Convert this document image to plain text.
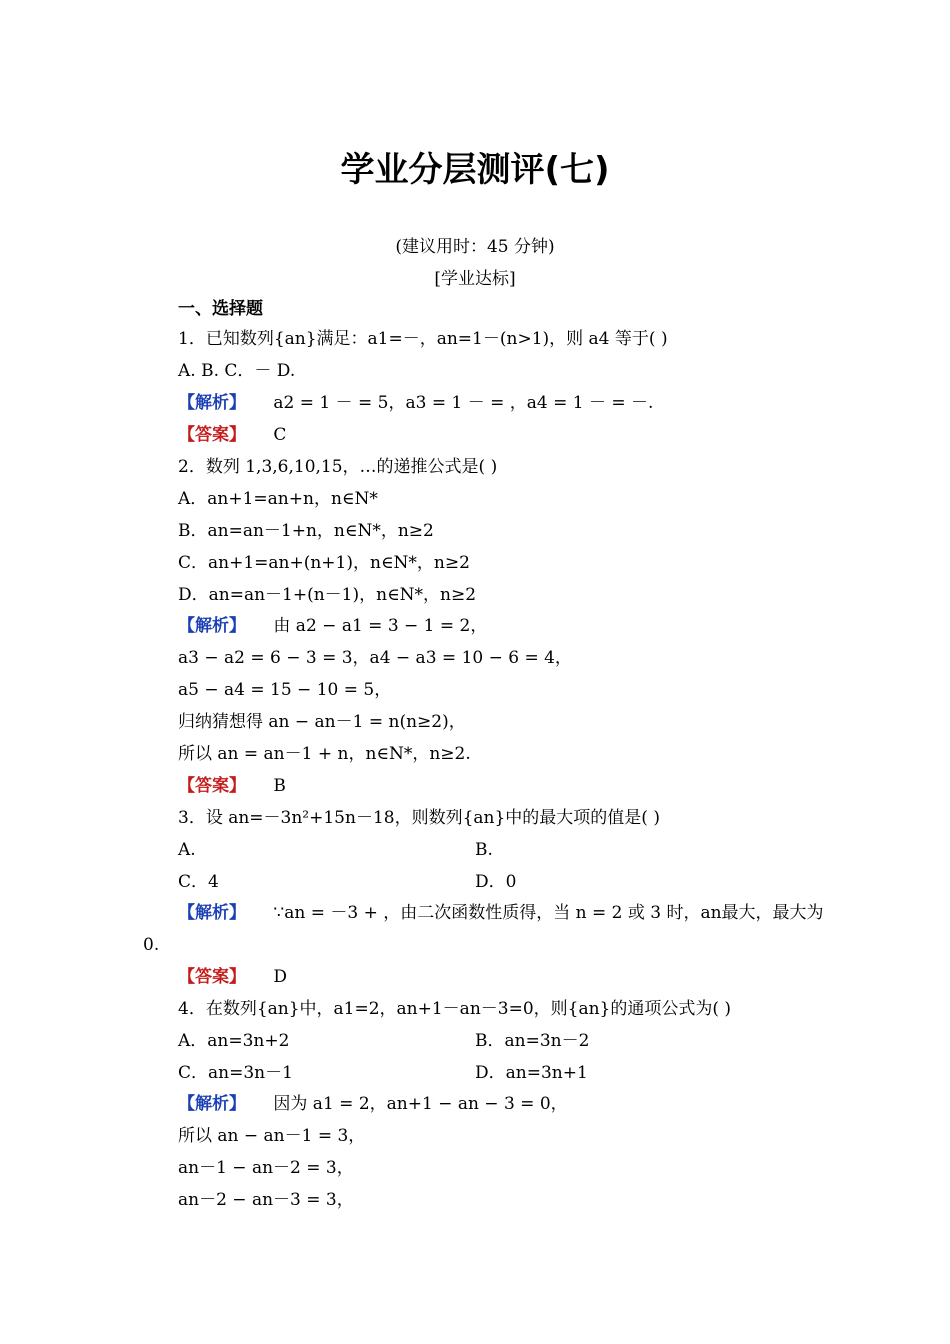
学业分层测评(七)
(建议用时：45 分钟)
[学业达标]
一、选择题
1．已知数列{an}满足：a1=－，an=1－(n>1)，则 a4 等于( )
A. B. C．－ D.
【解析】 a2 = 1 － = 5，a3 = 1 － = ，a4 = 1 － = －.
【答案】 C
2．数列 1,3,6,10,15，…的递推公式是( )
A．an+1=an+n，n∈N*
B．an=an－1+n，n∈N*，n≥2
C．an+1=an+(n+1)，n∈N*，n≥2
D．an=an－1+(n－1)，n∈N*，n≥2
【解析】 由 a2 − a1 = 3 − 1 = 2，
a3 − a2 = 6 − 3 = 3，a4 − a3 = 10 − 6 = 4，
a5 − a4 = 15 − 10 = 5，
归纳猜想得 an − an－1 = n(n≥2)，
所以 an = an－1 + n，n∈N*，n≥2.
【答案】 B
3．设 an=－3n²+15n－18，则数列{an}中的最大项的值是( )
A.	B.
C．4	D．0
【解析】 ∵an = －3 + ，由二次函数性质得，当 n = 2 或 3 时，an最大，最大为
0.
【答案】 D
4．在数列{an}中，a1=2，an+1－an－3=0，则{an}的通项公式为( )
A．an=3n+2	B．an=3n－2
C．an=3n－1	D．an=3n+1
【解析】 因为 a1 = 2，an+1 − an − 3 = 0，
所以 an − an－1 = 3，
an－1 − an－2 = 3，
an－2 − an－3 = 3，
